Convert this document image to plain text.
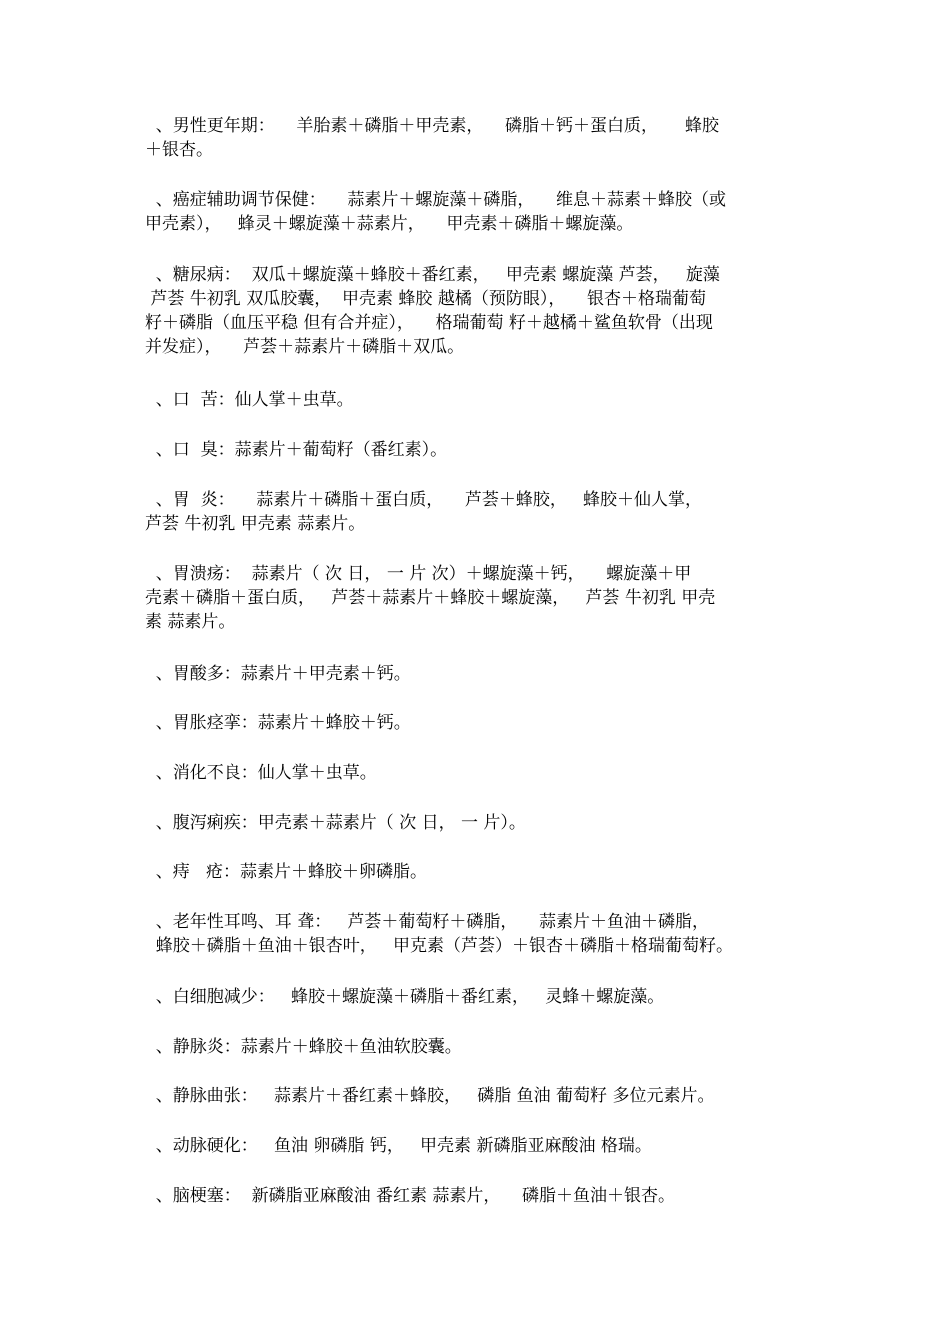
、男性更年期：    羊胎素＋磷脂＋甲壳素，    磷脂＋钙＋蛋白质，     蜂胶
＋银杏。
、癌症辅助调节保健：    蒜素片＋螺旋藻＋磷脂，    维息＋蒜素＋蜂胶（或
甲壳素），   蜂灵＋螺旋藻＋蒜素片，    甲壳素＋磷脂＋螺旋藻。
、糖尿病：  双瓜＋螺旋藻＋蜂胶＋番红素，   甲壳素 螺旋藻 芦荟，   旋藻
芦荟 牛初乳 双瓜胶囊，  甲壳素 蜂胶 越橘（预防眼），    银杏＋格瑞葡萄
籽＋磷脂（血压平稳 但有合并症），    格瑞葡萄 籽＋越橘＋鲨鱼软骨（出现
并发症），    芦荟＋蒜素片＋磷脂＋双瓜。
、口  苦：仙人掌＋虫草。
、口  臭：蒜素片＋葡萄籽（番红素）。
、胃  炎：    蒜素片＋磷脂＋蛋白质，    芦荟＋蜂胶，   蜂胶＋仙人掌，
芦荟 牛初乳 甲壳素 蒜素片。
、胃溃疡：  蒜素片（ 次 日， 一 片 次）＋螺旋藻＋钙，    螺旋藻＋甲
壳素＋磷脂＋蛋白质，   芦荟＋蒜素片＋蜂胶＋螺旋藻，   芦荟 牛初乳 甲壳
素 蒜素片。
、胃酸多：蒜素片＋甲壳素＋钙。
、胃胀痉挛：蒜素片＋蜂胶＋钙。
、消化不良：仙人掌＋虫草。
、腹泻痢疾：甲壳素＋蒜素片（ 次 日， 一 片）。
、痔   疮：蒜素片＋蜂胶＋卵磷脂。
、老年性耳鸣、耳 聋：   芦荟＋葡萄籽＋磷脂，    蒜素片＋鱼油＋磷脂，
蜂胶＋磷脂＋鱼油＋银杏叶，   甲克素（芦荟）＋银杏＋磷脂＋格瑞葡萄籽。
、白细胞减少：   蜂胶＋螺旋藻＋磷脂＋番红素，   灵蜂＋螺旋藻。
、静脉炎：蒜素片＋蜂胶＋鱼油软胶囊。
、静脉曲张：   蒜素片＋番红素＋蜂胶，   磷脂 鱼油 葡萄籽 多位元素片。
、动脉硬化：   鱼油 卵磷脂 钙，   甲壳素 新磷脂亚麻酸油 格瑞。
、脑梗塞：  新磷脂亚麻酸油 番红素 蒜素片，    磷脂＋鱼油＋银杏。
